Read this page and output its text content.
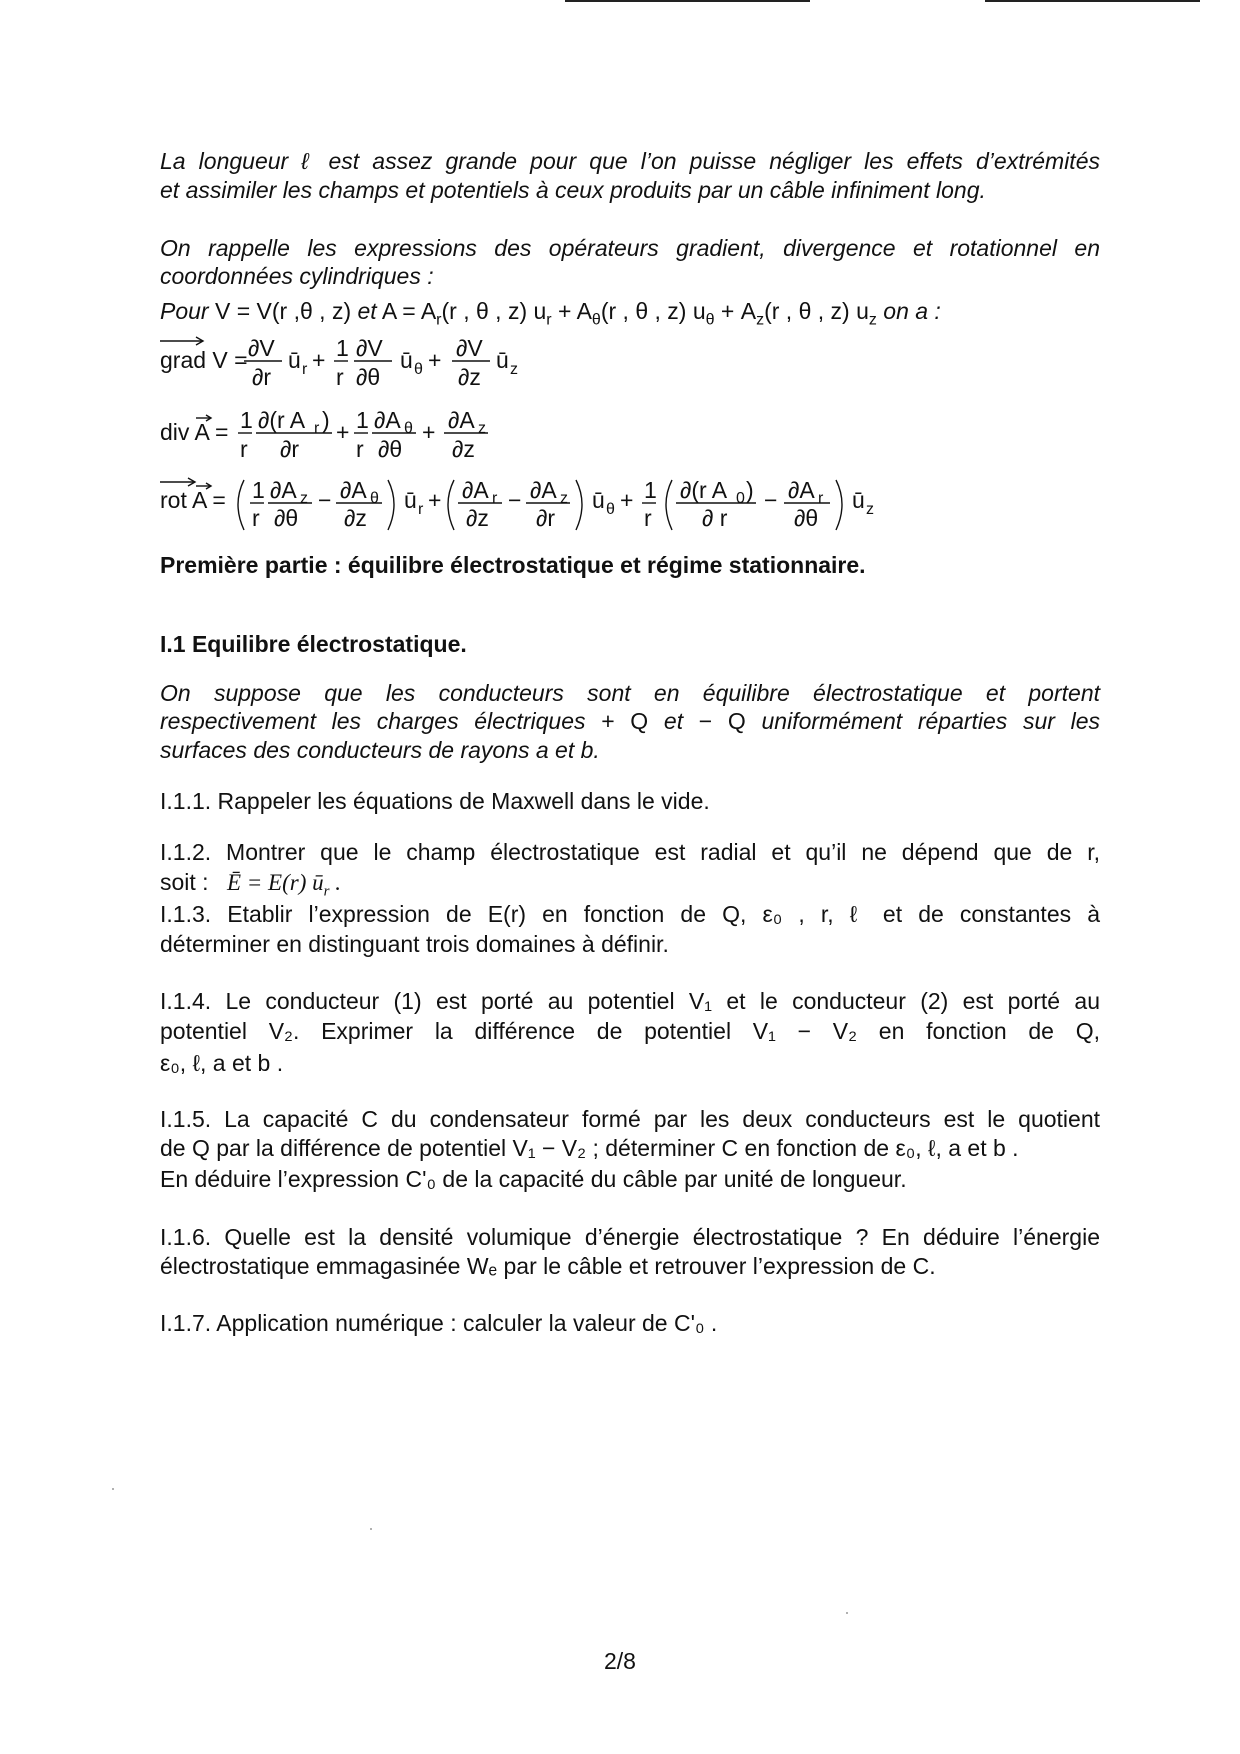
La longueur ℓ est assez grande pour que l’on puisse négliger les effets d’extrémités
et assimiler les champs et potentiels à ceux produits par un câble infiniment long.
On rappelle les expressions des opérateurs gradient, divergence et rotationnel en
coordonnées cylindriques :
Pour V = V(r ,θ , z) et $A = A_r(r$ , θ , z) $u_r + A_\theta(r$ , θ , z) $u_\theta + A_z(r$ , θ , z) $u_z$ on a :
grad V = ∂V
∂r
ū r + 1
r
∂V
∂θ
ū θ + ∂V
∂z
ū z
div A = 1
r
∂(r A r )
∂r
+ 1
r
∂A θ
∂θ
+ ∂A z
∂z
rot A = 1
r
∂A z
∂θ
− ∂A θ
∂z
ū r + ∂A r
∂z
− ∂A z
∂r
ū θ + 1
r
∂(r A 0 )
∂ r
− ∂A r
∂θ
ū z
Première partie : équilibre électrostatique et régime stationnaire.
I.1 Equilibre électrostatique.
On suppose que les conducteurs sont en équilibre électrostatique et portent
respectivement les charges électriques + Q et − Q uniformément réparties sur les
surfaces des conducteurs de rayons a et b.
I.1.1. Rappeler les équations de Maxwell dans le vide.
I.1.2. Montrer que le champ électrostatique est radial et qu’il ne dépend que de r,
soit : Ē = E(r) $ū_r$ .
I.1.3. Etablir l’expression de E(r) en fonction de Q, ε₀ , r, ℓ et de constantes à
déterminer en distinguant trois domaines à définir.
I.1.4. Le conducteur (1) est porté au potentiel V₁ et le conducteur (2) est porté au
potentiel V₂. Exprimer la différence de potentiel V₁ − V₂ en fonction de Q,
ε₀, ℓ, a et b .
I.1.5. La capacité C du condensateur formé par les deux conducteurs est le quotient
de Q par la différence de potentiel V₁ − V₂ ; déterminer C en fonction de ε₀, ℓ, a et b .
En déduire l’expression C'₀ de la capacité du câble par unité de longueur.
I.1.6. Quelle est la densité volumique d’énergie électrostatique ? En déduire l’énergie
électrostatique emmagasinée Wₑ par le câble et retrouver l’expression de C.
I.1.7. Application numérique : calculer la valeur de C'₀ .
2/8
